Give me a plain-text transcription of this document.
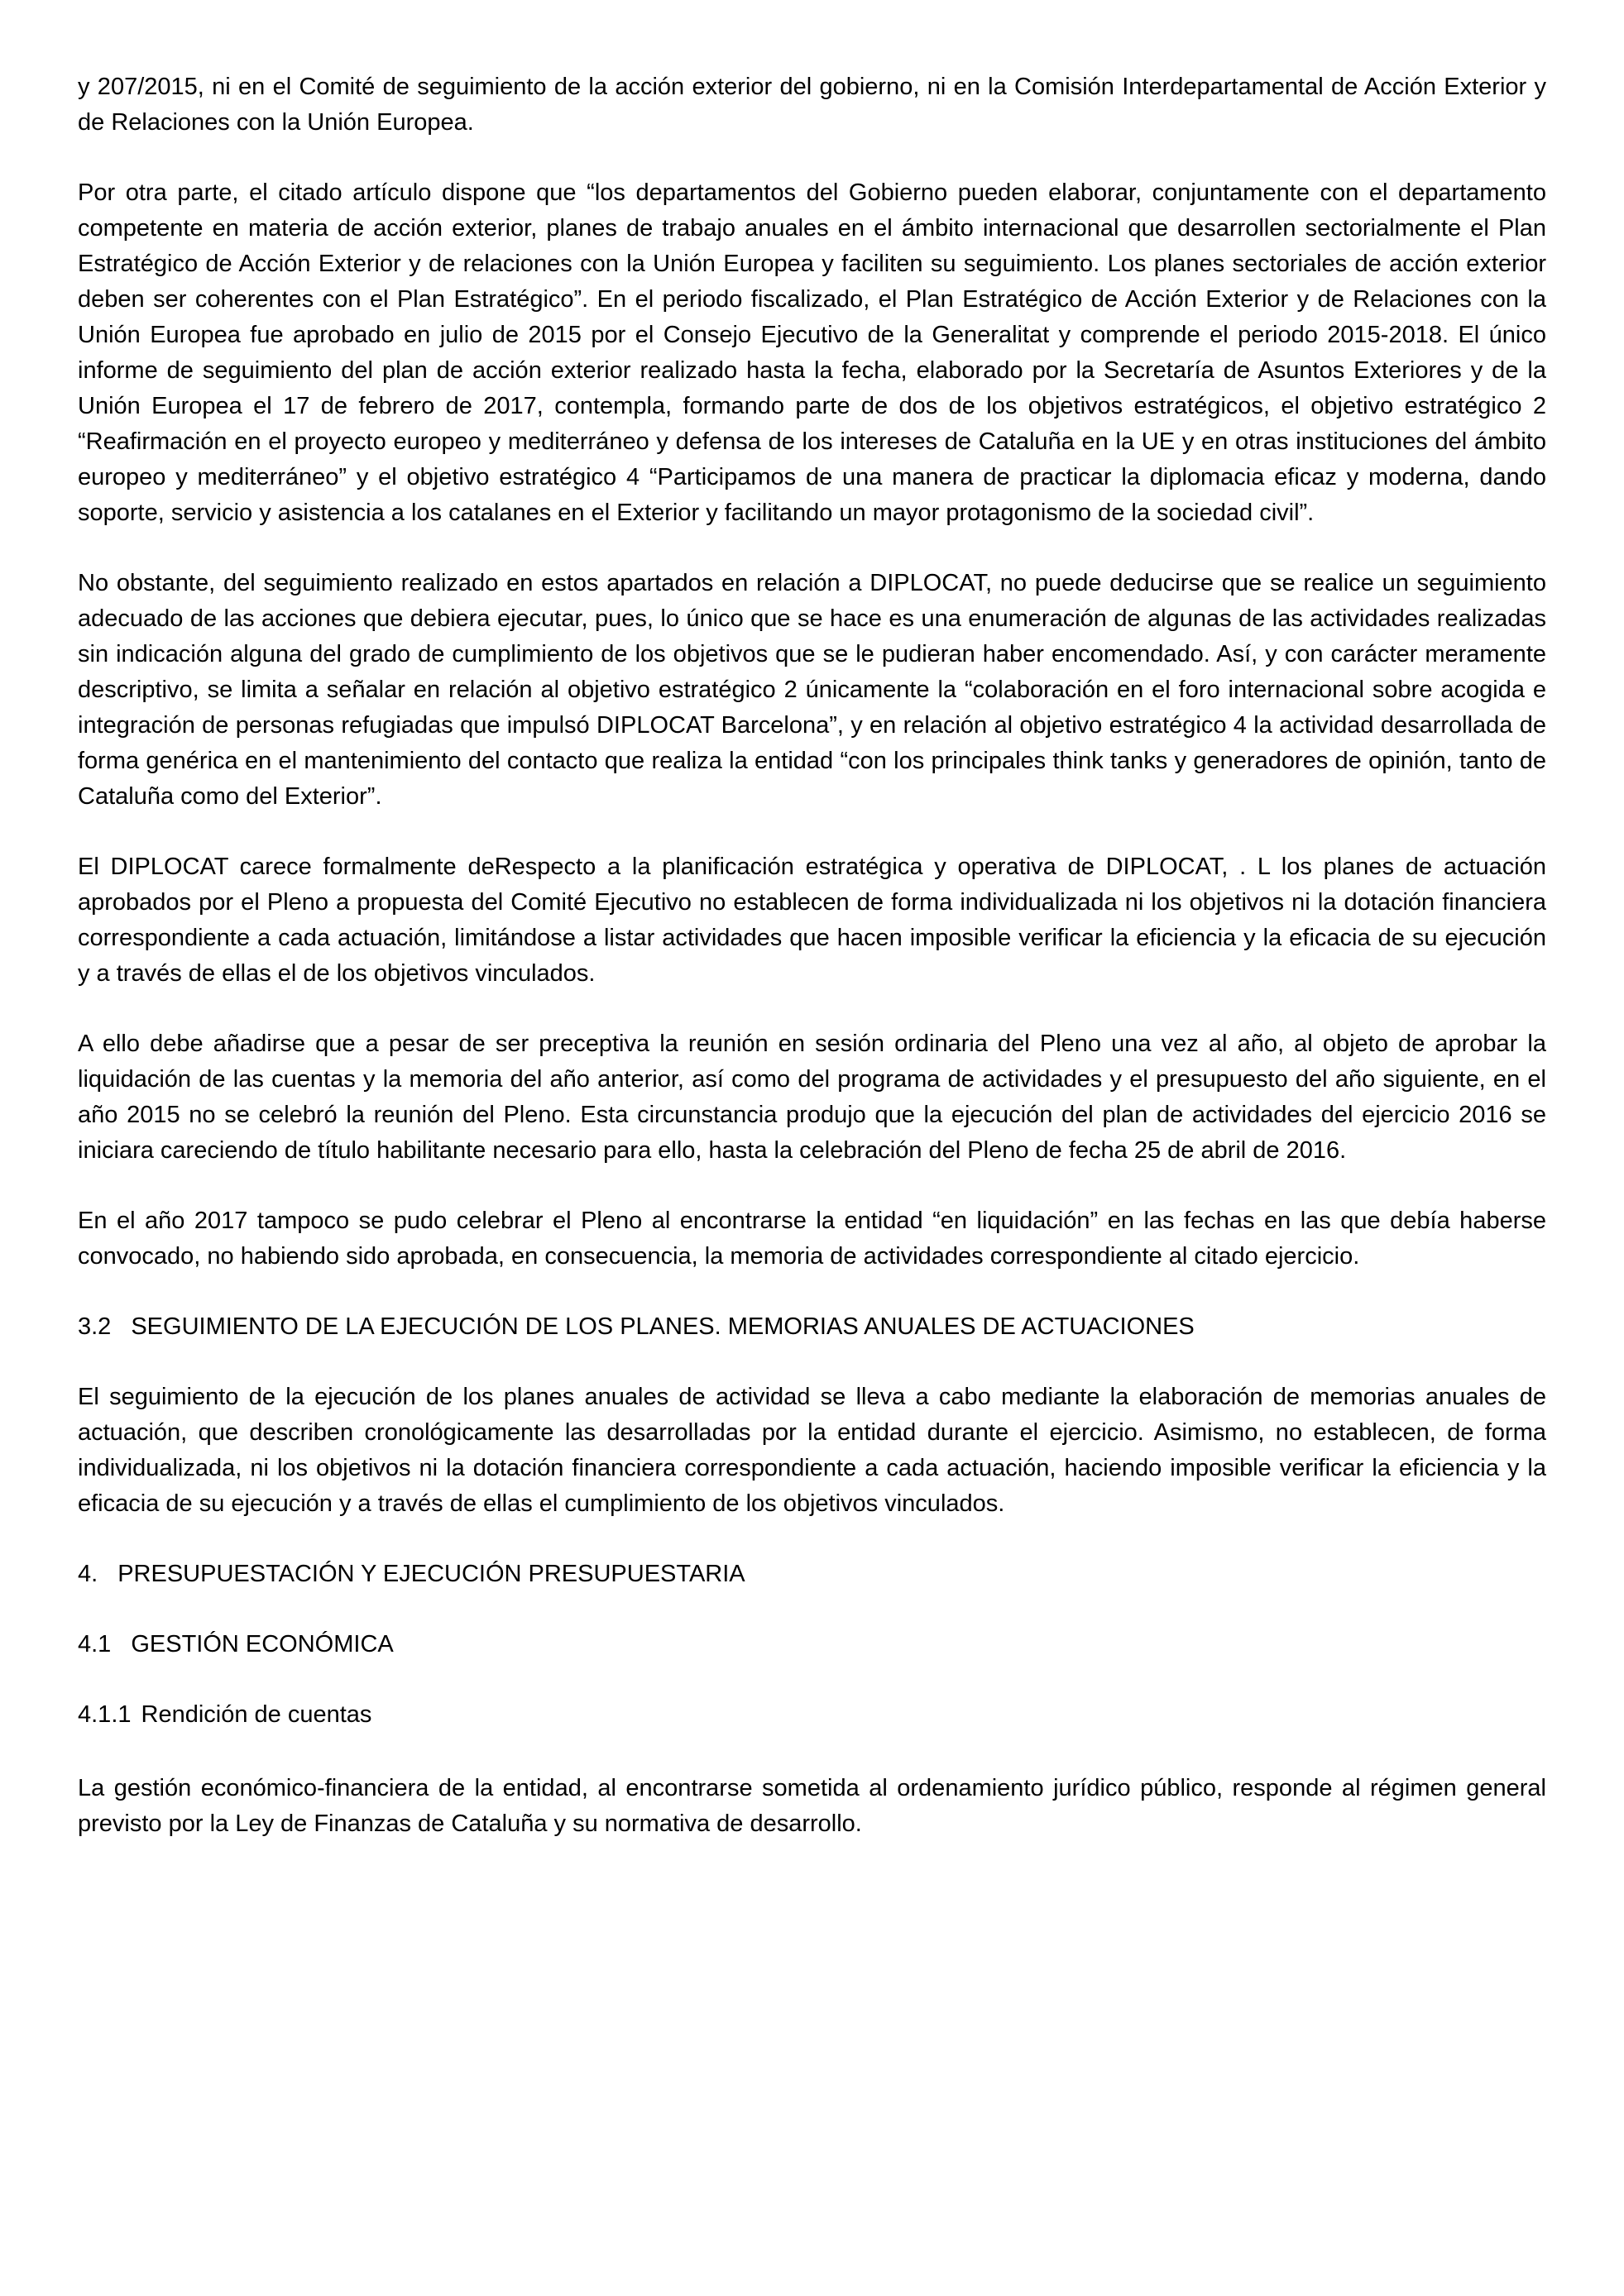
y 207/2015, ni en el Comité de seguimiento de la acción exterior del gobierno, ni en la Comisión Interdepartamental de Acción Exterior y de Relaciones con la Unión Europea.

Por otra parte, el citado artículo dispone que “los departamentos del Gobierno pueden elaborar, conjuntamente con el departamento competente en materia de acción exterior, planes de trabajo anuales en el ámbito internacional que desarrollen sectorialmente el Plan Estratégico de Acción Exterior y de relaciones con la Unión Europea y faciliten su seguimiento. Los planes sectoriales de acción exterior deben ser coherentes con el Plan Estratégico”. En el periodo fiscalizado, el Plan Estratégico de Acción Exterior y de Relaciones con la Unión Europea fue aprobado en julio de 2015 por el Consejo Ejecutivo de la Generalitat y comprende el periodo 2015-2018. El único informe de seguimiento del plan de acción exterior realizado hasta la fecha, elaborado por la Secretaría de Asuntos Exteriores y de la Unión Europea el 17 de febrero de 2017, contempla, formando parte de dos de los objetivos estratégicos, el objetivo estratégico 2 “Reafirmación en el proyecto europeo y mediterráneo y defensa de los intereses de Cataluña en la UE y en otras instituciones del ámbito europeo y mediterráneo” y el objetivo estratégico 4 “Participamos de una manera de practicar la diplomacia eficaz y moderna, dando soporte, servicio y asistencia a los catalanes en el Exterior y facilitando un mayor protagonismo de la sociedad civil”.

No obstante, del seguimiento realizado en estos apartados en relación a DIPLOCAT, no puede deducirse que se realice un seguimiento adecuado de las acciones que debiera ejecutar, pues, lo único que se hace es una enumeración de algunas de las actividades realizadas sin indicación alguna del grado de cumplimiento de los objetivos que se le pudieran haber encomendado. Así, y con carácter meramente descriptivo, se limita a señalar en relación al objetivo estratégico 2 únicamente la “colaboración en el foro internacional sobre acogida e integración de personas refugiadas que impulsó DIPLOCAT Barcelona”, y en relación al objetivo estratégico 4 la actividad desarrollada de forma genérica en el mantenimiento del contacto que realiza la entidad “con los principales think tanks y generadores de opinión, tanto de Cataluña como del Exterior”.

El DIPLOCAT carece formalmente deRespecto a la planificación estratégica y operativa de DIPLOCAT, . L los planes de actuación aprobados por el Pleno a propuesta del Comité Ejecutivo no establecen de forma individualizada ni los objetivos ni la dotación financiera correspondiente a cada actuación, limitándose a listar actividades que hacen imposible verificar la eficiencia y la eficacia de su ejecución y a través de ellas el de los objetivos vinculados.

A ello debe añadirse que a pesar de ser preceptiva la reunión en sesión ordinaria del Pleno una vez al año, al objeto de aprobar la liquidación de las cuentas y la memoria del año anterior, así como del programa de actividades y el presupuesto del año siguiente, en el año 2015 no se celebró la reunión del Pleno. Esta circunstancia produjo que la ejecución del plan de actividades del ejercicio 2016 se iniciara careciendo de título habilitante necesario para ello, hasta la celebración del Pleno de fecha 25 de abril de 2016.

En el año 2017 tampoco se pudo celebrar el Pleno al encontrarse la entidad “en liquidación” en las fechas en las que debía haberse convocado, no habiendo sido aprobada, en consecuencia, la memoria de actividades correspondiente al citado ejercicio.

3.2 SEGUIMIENTO DE LA EJECUCIÓN DE LOS PLANES. MEMORIAS ANUALES DE ACTUACIONES

El seguimiento de la ejecución de los planes anuales de actividad se lleva a cabo mediante la elaboración de memorias anuales de actuación, que describen cronológicamente las desarrolladas por la entidad durante el ejercicio. Asimismo, no establecen, de forma individualizada, ni los objetivos ni la dotación financiera correspondiente a cada actuación, haciendo imposible verificar la eficiencia y la eficacia de su ejecución y a través de ellas el cumplimiento de los objetivos vinculados.

4. PRESUPUESTACIÓN Y EJECUCIÓN PRESUPUESTARIA
4.1 GESTIÓN ECONÓMICA
4.1.1 Rendición de cuentas

La gestión económico-financiera de la entidad, al encontrarse sometida al ordenamiento jurídico público, responde al régimen general previsto por la Ley de Finanzas de Cataluña y su normativa de desarrollo.
